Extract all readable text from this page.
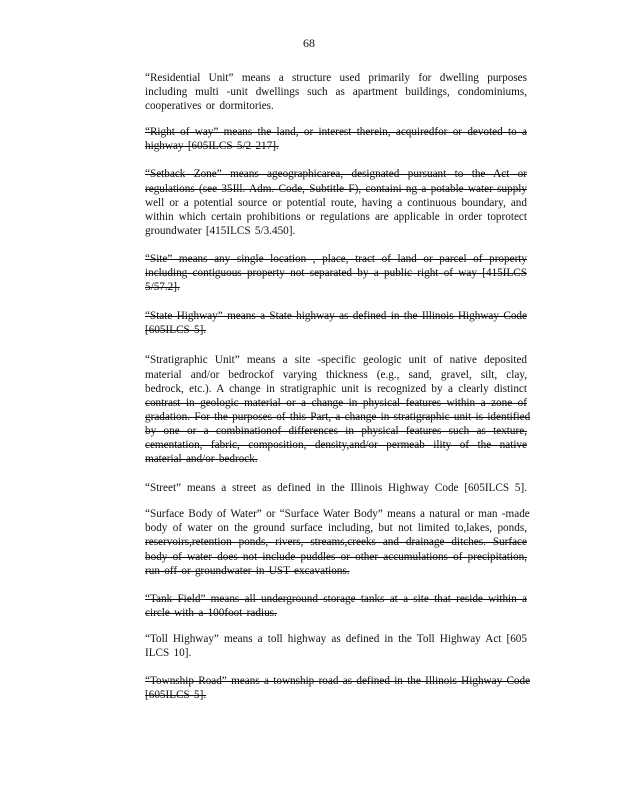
68

“Residential Unit” means a structure used primarily for dwelling purposes
including multi -unit dwellings such as apartment buildings, condominiums,
cooperatives or dormitories.

“Right of way” means the land, or interest therein, acquiredfor or devoted to a
highway [605ILCS 5/2 217].

“Setback Zone” means ageographicarea, designated pursuant to the Act or
regulations (see 35Ill. Adm. Code, Subtitle F), containi ng a potable water supply
well or a potential source or potential route, having a continuous boundary, and
within which certain prohibitions or regulations are applicable in order toprotect
groundwater [415ILCS 5/3.450].

“Site” means any single location , place, tract of land or parcel of property
including contiguous property not separated by a public right of way [415ILCS
5/57.2].

“State Highway” means a State highway as defined in the Illinois Highway Code
[605ILCS 5].

“Stratigraphic Unit” means a site -specific geologic unit of native deposited
material and/or bedrockof varying thickness (e.g., sand, gravel, silt, clay,
bedrock, etc.). A change in stratigraphic unit is recognized by a clearly distinct
contrast in geologic material or a change in physical features within a zone of
gradation. For the purposes of this Part, a change in stratigraphic unit is identified
by one or a combinationof differences in physical features such as texture,
cementation, fabric, composition, density,and/or permeab ility of the native
material and/or bedrock.

“Street” means a street as defined in the Illinois Highway Code [605ILCS 5].

“Surface Body of Water” or “Surface Water Body” means a natural or man -made
body of water on the ground surface including, but not limited to,lakes, ponds,
reservoirs,retention ponds, rivers, streams,creeks and drainage ditches. Surface
body of water does not include puddles or other accumulations of precipitation,
run off or groundwater in UST excavations.

“Tank Field” means all underground storage tanks at a site that reside within a
circle with a 100foot radius.

“Toll Highway” means a toll highway as defined in the Toll Highway Act [605
ILCS 10].

“Township Road” means a township road as defined in the Illinois Highway Code
[605ILCS 5].
